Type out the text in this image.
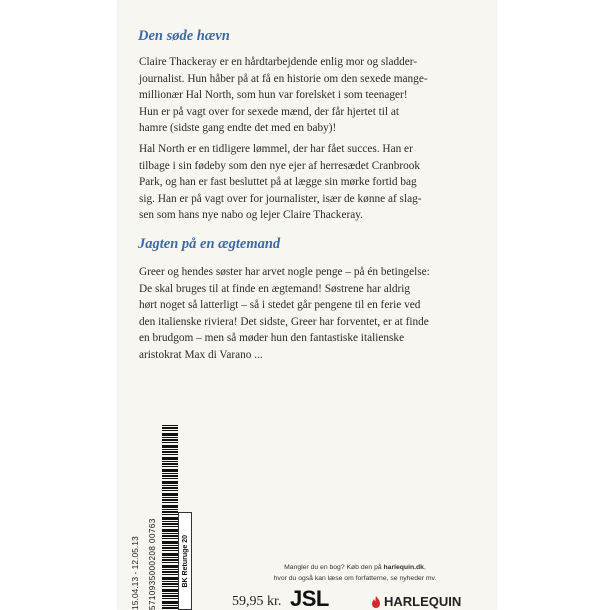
Den søde hævn

Claire Thackeray er en hårdtarbejdende enlig mor og sladder-
journalist. Hun håber på at få en historie om den sexede mange-
millionær Hal North, som hun var forelsket i som teenager!
Hun er på vagt over for sexede mænd, der får hjertet til at
hamre (sidste gang endte det med en baby)!

Hal North er en tidligere lømmel, der har fået succes. Han er
tilbage i sin fødeby som den nye ejer af herresædet Cranbrook
Park, og han er fast besluttet på at lægge sin mørke fortid bag
sig. Han er på vagt over for journalister, især de kønne af slag-
sen som hans nye nabo og lejer Claire Thackeray.

Jagten på en ægtemand

Greer og hendes søster har arvet nogle penge – på én betingelse:
De skal bruges til at finde en ægtemand! Søstrene har aldrig
hørt noget så latterligt – så i stedet går pengene til en ferie ved
den italienske riviera! Det sidste, Greer har forventet, er at finde
en brudgom – men så møder hun den fantastiske italienske
aristokrat Max di Varano ...

15.04.13 - 12.05.13 5710935000208 00763	BK Returuge 20	Mangler du en bog? Køb den på harlequin.dk,
hvor du også kan læse om forfatterne, se nyheder mv.
59,95 kr. JSL	HARLEQUIN
